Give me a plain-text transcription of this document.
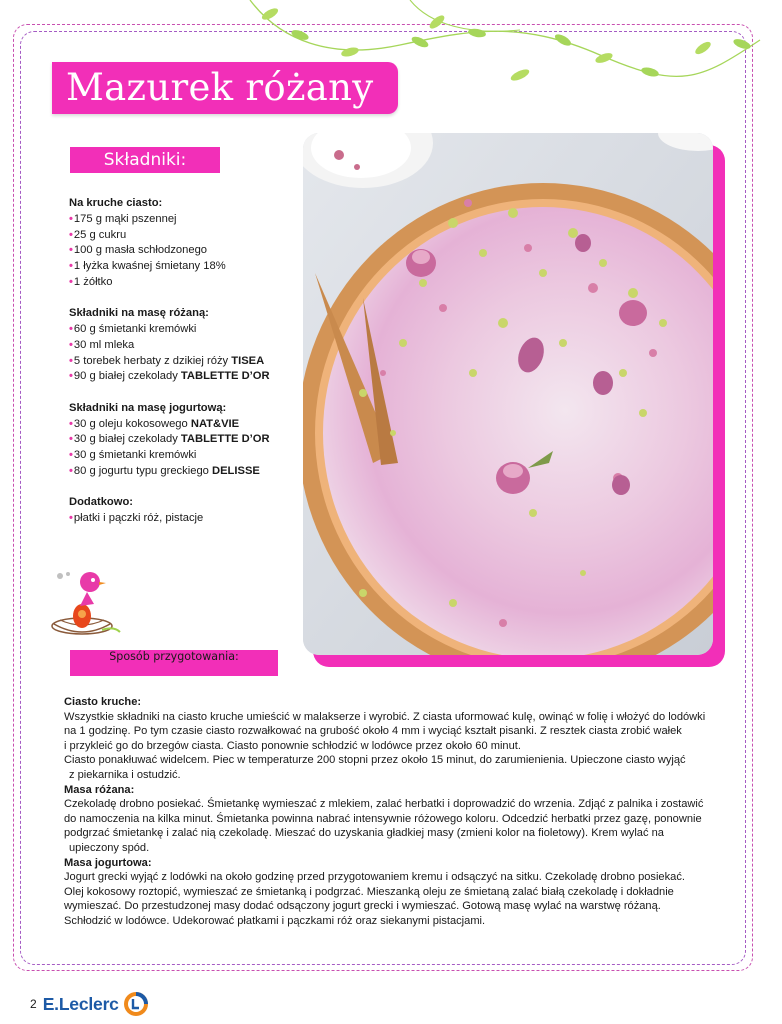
Mazurek różany
Składniki:
Na kruche ciasto:
•175 g mąki pszennej
•25 g cukru
•100 g masła schłodzonego
•1 łyżka kwaśnej śmietany 18%
•1 żółtko
Składniki na masę różaną:
•60 g śmietanki kremówki
•30 ml mleka
•5 torebek herbaty z dzikiej róży TISEA
•90 g białej czekolady TABLETTE D’OR
Składniki na masę jogurtową:
•30 g oleju kokosowego NAT&VIE
•30 g białej czekolady TABLETTE D’OR
•30 g śmietanki kremówki
•80 g jogurtu typu greckiego DELISSE
Dodatkowo:
•płatki i pączki róż, pistacje
Sposób przygotowania:
Ciasto kruche:
Wszystkie składniki na ciasto kruche umieścić w malakserze i wyrobić. Z ciasta uformować kulę, owinąć w folię i włożyć do lodówki
na 1 godzinę. Po tym czasie ciasto rozwałkować na grubość około 4 mm i wyciąć kształt pisanki. Z resztek ciasta zrobić wałek
i przykleić go do brzegów ciasta. Ciasto ponownie schłodzić w lodówce przez około 60 minut.
Ciasto ponakłuwać widelcem. Piec w temperaturze 200 stopni przez około 15 minut, do zarumienienia. Upieczone ciasto wyjąć
z piekarnika i ostudzić.
Masa różana:
Czekoladę drobno posiekać. Śmietankę wymieszać z mlekiem, zalać herbatki i doprowadzić do wrzenia. Zdjąć z palnika i zostawić
do namoczenia na kilka minut. Śmietanka powinna nabrać intensywnie różowego koloru. Odcedzić herbatki przez gazę, ponownie
podgrzać śmietankę i zalać nią czekoladę. Mieszać do uzyskania gładkiej masy (zmieni kolor na fioletowy). Krem wylać na
upieczony spód.
Masa jogurtowa:
Jogurt grecki wyjąć z lodówki na około godzinę przed przygotowaniem kremu i odsączyć na sitku. Czekoladę drobno posiekać.
Olej kokosowy roztopić, wymieszać ze śmietanką i podgrzać. Mieszanką oleju ze śmietaną zalać białą czekoladę i dokładnie
wymieszać. Do przestudzonej masy dodać odsączony jogurt grecki i wymieszać. Gotową masę wylać na warstwę różaną.
Schłodzić w lodówce. Udekorować płatkami i pączkami róż oraz siekanymi pistacjami.
2 E.Leclerc
